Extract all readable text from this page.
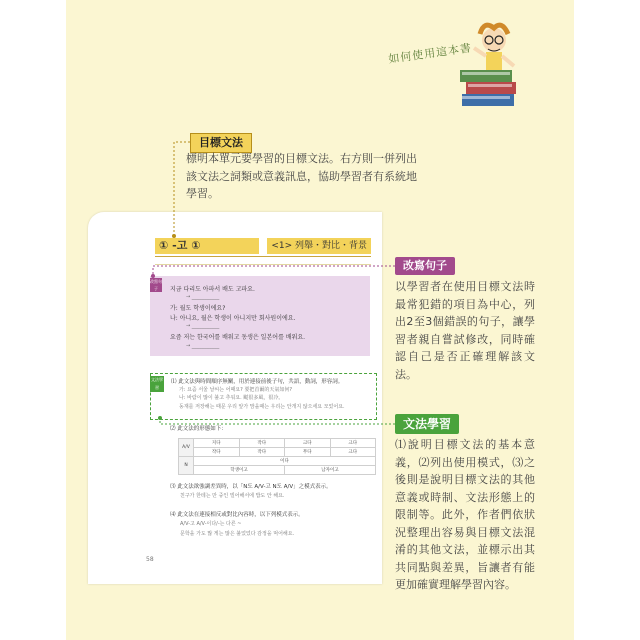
如何使用這本書
① -고 ①	<1> 列舉・對比・背景
改寫句子	지금 다리도 아파서 배도 고파요.
→ ___________
가: 월도 학생이에요?
나: 아니요, 월은 학생이 아니지만 회사원이에요.
→ ___________
요즘 저는 한국어를 배워고 동생은 일본어를 배워요.
→ ___________
文法學習
⑴ 此文法與時間順序無關，用於連接前後子句，共語，動詞，形容詞。
가: 요즘 서울 날씨는 어때요? 要把首爾的天氣如何?
나: 바람이 많이 불고 추워요. 颳很多風，很冷。
동재를 저장해는 때문 우리 앞가 맘을때는 우리는 안개지 않으세요 모었어요.
⑵ 此文法的形態如下：
A/V	지다	작다	크다	크다
	작다	작다	무다	크다
N	이다			
	학생이고		남자이고	
⑶ 此文法欲強調差異時，以「N도 A/V-고 N도 A/V」之模式表示。
친구가 한테는 만 중인 빌어해서에 밥도 안 해요.
⑷ 此文法在連接相反或對比內容時，以下列模式表示。
A/V-고 A/V-이다/-는 다른 ~
문학을 가도 많 게는 많은 불었었다 감정을 먹어해요.
58
目標文法
標明本單元要學習的目標文法。右方則一併列出該文法之詞類或意義訊息，協助學習者有系統地學習。
改寫句子
以學習者在使用目標文法時最常犯錯的項目為中心，列出2至3個錯誤的句子，讓學習者親自嘗試修改，同時確認自己是否正確理解該文法。
文法學習
⑴說明目標文法的基本意義，⑵列出使用模式，⑶之後則是說明目標文法的其他意義或時制、文法形態上的限制等。此外，作者們依狀況整理出容易與目標文法混淆的其他文法，並標示出其共同點與差異，旨讓者有能更加確實理解學習內容。
